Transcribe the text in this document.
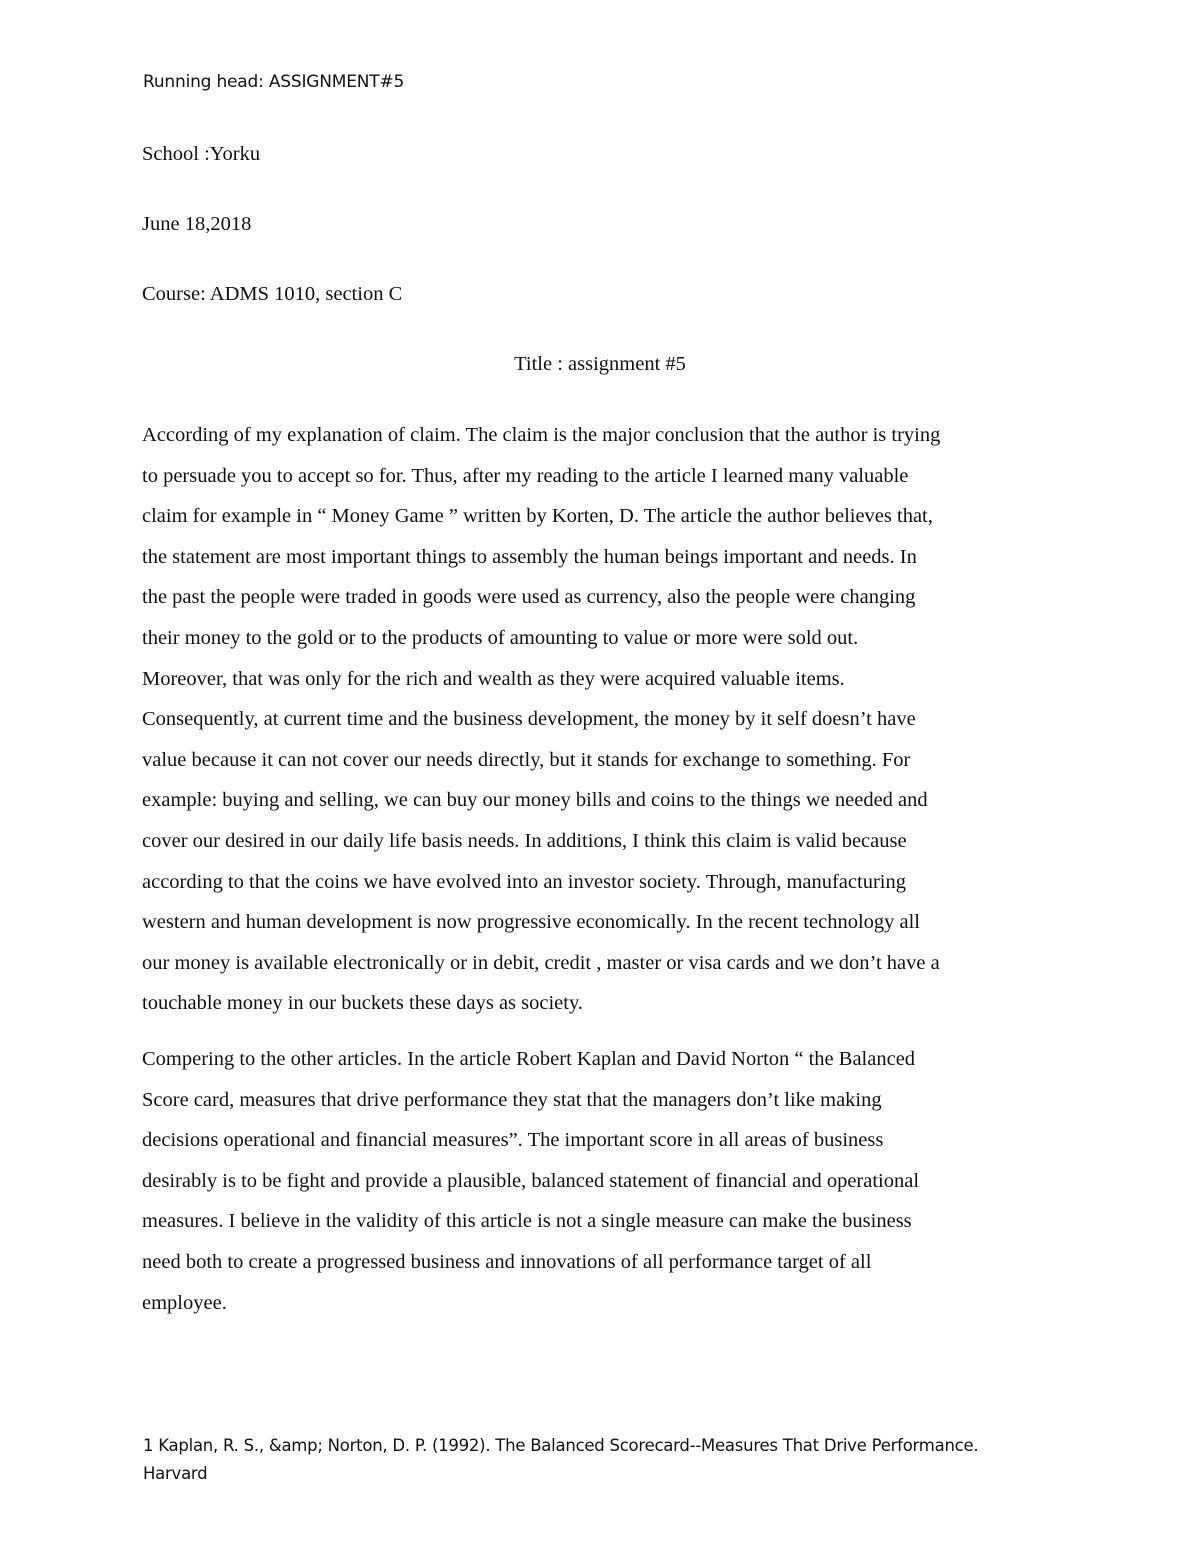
Running head: ASSIGNMENT#5
School :Yorku
June 18,2018
Course: ADMS 1010, section C
Title : assignment #5
According of my explanation of claim. The claim is the major conclusion that the author is trying
to persuade you to accept so for. Thus, after my reading to the article I learned many valuable
claim for example in “ Money Game ” written by Korten, D. The article the author believes that,
the statement are most important things to assembly the human beings important and needs. In
the past the people were traded in goods were used as currency, also the people were changing
their money to the gold or to the products of amounting to value or more were sold out.
Moreover, that was only for the rich and wealth as they were acquired valuable items.
Consequently, at current time and the business development, the money by it self doesn’t have
value because it can not cover our needs directly, but it stands for exchange to something. For
example: buying and selling, we can buy our money bills and coins to the things we needed and
cover our desired in our daily life basis needs. In additions, I think this claim is valid because
according to that the coins we have evolved into an investor society. Through, manufacturing
western and human development is now progressive economically. In the recent technology all
our money is available electronically or in debit, credit , master or visa cards and we don’t have a
touchable money in our buckets these days as society.
Compering to the other articles. In the article Robert Kaplan and David Norton “ the Balanced
Score card, measures that drive performance they stat that the managers don’t like making
decisions operational and financial measures”. The important score in all areas of business
desirably is to be fight and provide a plausible, balanced statement of financial and operational
measures. I believe in the validity of this article is not a single measure can make the business
need both to create a progressed business and innovations of all performance target of all
employee.
1 Kaplan, R. S., &amp; Norton, D. P. (1992). The Balanced Scorecard--Measures That Drive Performance.
Harvard
